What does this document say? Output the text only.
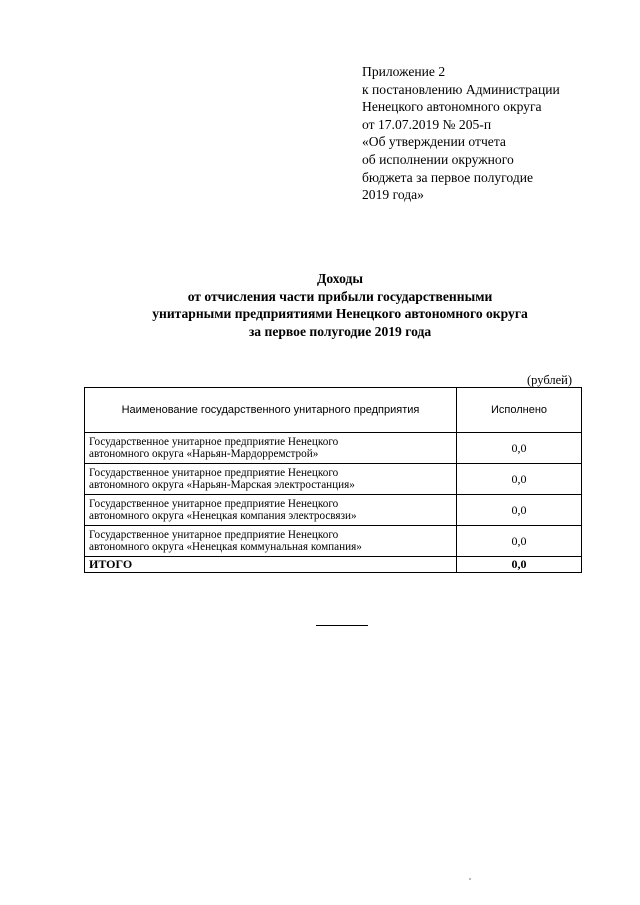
Приложение 2
к постановлению Администрации
Ненецкого автономного округа
от 17.07.2019 № 205-п
«Об утверждении отчета
об исполнении окружного
бюджета за первое полугодие
2019 года»
Доходы
от отчисления части прибыли государственными
унитарными предприятиями Ненецкого автономного округа
за первое полугодие 2019 года
(рублей)
Наименование государственного унитарного предприятия	Исполнено

Государственное унитарное предприятие Ненецкого
автономного округа «Нарьян-Мардорремстрой»	0,0

Государственное унитарное предприятие Ненецкого
автономного округа «Нарьян-Марская электростанция»	0,0

Государственное унитарное предприятие Ненецкого
автономного округа «Ненецкая компания электросвязи»	0,0

Государственное унитарное предприятие Ненецкого
автономного округа «Ненецкая коммунальная компания»	0,0
ИТОГО	0,0
